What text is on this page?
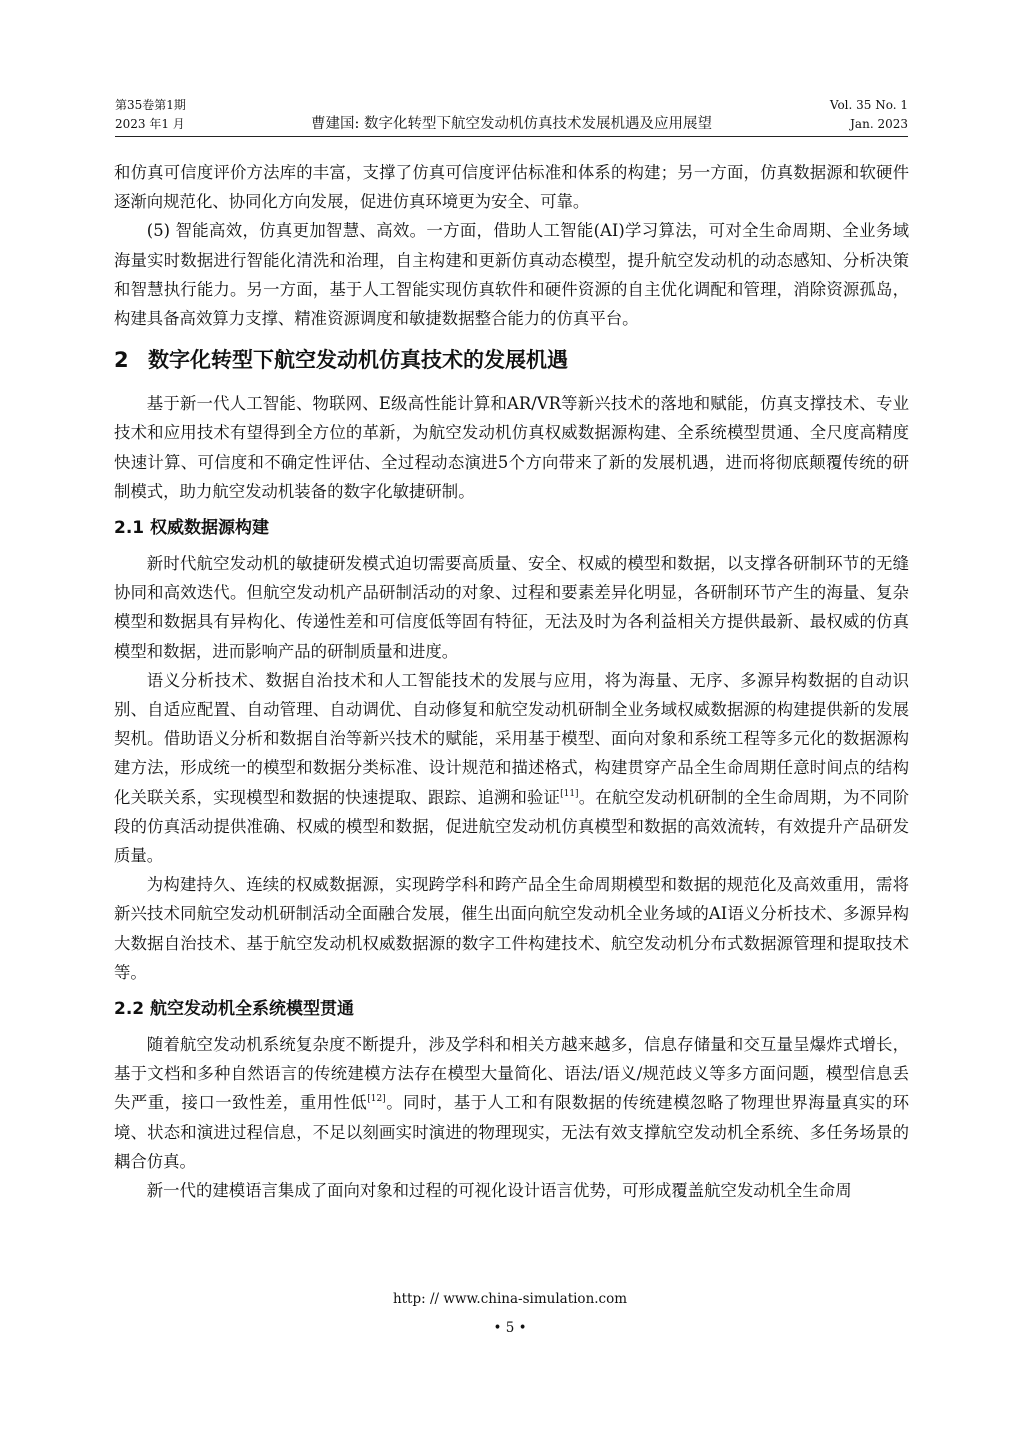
第35卷第1期
2023 年1 月	曹建国: 数字化转型下航空发动机仿真技术发展机遇及应用展望
Vol. 35 No. 1
Jan. 2023

和仿真可信度评价方法库的丰富，支撑了仿真可信度评估标准和体系的构建；另一方面，仿真数据源和软硬件逐渐向规范化、协同化方向发展，促进仿真环境更为安全、可靠。

(5) 智能高效，仿真更加智慧、高效。一方面，借助人工智能(AI)学习算法，可对全生命周期、全业务域海量实时数据进行智能化清洗和治理，自主构建和更新仿真动态模型，提升航空发动机的动态感知、分析决策和智慧执行能力。另一方面，基于人工智能实现仿真软件和硬件资源的自主优化调配和管理，消除资源孤岛，构建具备高效算力支撑、精准资源调度和敏捷数据整合能力的仿真平台。

2 数字化转型下航空发动机仿真技术的发展机遇

基于新一代人工智能、物联网、E级高性能计算和AR/VR等新兴技术的落地和赋能，仿真支撑技术、专业技术和应用技术有望得到全方位的革新，为航空发动机仿真权威数据源构建、全系统模型贯通、全尺度高精度快速计算、可信度和不确定性评估、全过程动态演进5个方向带来了新的发展机遇，进而将彻底颠覆传统的研制模式，助力航空发动机装备的数字化敏捷研制。

2.1 权威数据源构建

新时代航空发动机的敏捷研发模式迫切需要高质量、安全、权威的模型和数据，以支撑各研制环节的无缝协同和高效迭代。但航空发动机产品研制活动的对象、过程和要素差异化明显，各研制环节产生的海量、复杂模型和数据具有异构化、传递性差和可信度低等固有特征，无法及时为各利益相关方提供最新、最权威的仿真模型和数据，进而影响产品的研制质量和进度。

语义分析技术、数据自治技术和人工智能技术的发展与应用，将为海量、无序、多源异构数据的自动识别、自适应配置、自动管理、自动调优、自动修复和航空发动机研制全业务域权威数据源的构建提供新的发展契机。借助语义分析和数据自治等新兴技术的赋能，采用基于模型、面向对象和系统工程等多元化的数据源构建方法，形成统一的模型和数据分类标准、设计规范和描述格式，构建贯穿产品全生命周期任意时间点的结构化关联关系，实现模型和数据的快速提取、跟踪、追溯和验证[11]。在航空发动机研制的全生命周期，为不同阶段的仿真活动提供准确、权威的模型和数据，促进航空发动机仿真模型和数据的高效流转，有效提升产品研发质量。

为构建持久、连续的权威数据源，实现跨学科和跨产品全生命周期模型和数据的规范化及高效重用，需将新兴技术同航空发动机研制活动全面融合发展，催生出面向航空发动机全业务域的AI语义分析技术、多源异构大数据自治技术、基于航空发动机权威数据源的数字工件构建技术、航空发动机分布式数据源管理和提取技术等。

2.2 航空发动机全系统模型贯通

随着航空发动机系统复杂度不断提升，涉及学科和相关方越来越多，信息存储量和交互量呈爆炸式增长，基于文档和多种自然语言的传统建模方法存在模型大量简化、语法/语义/规范歧义等多方面问题，模型信息丢失严重，接口一致性差，重用性低[12]。同时，基于人工和有限数据的传统建模忽略了物理世界海量真实的环境、状态和演进过程信息，不足以刻画实时演进的物理现实，无法有效支撑航空发动机全系统、多任务场景的耦合仿真。

新一代的建模语言集成了面向对象和过程的可视化设计语言优势，可形成覆盖航空发动机全生命周

http: // www.china-simulation.com
• 5 •
